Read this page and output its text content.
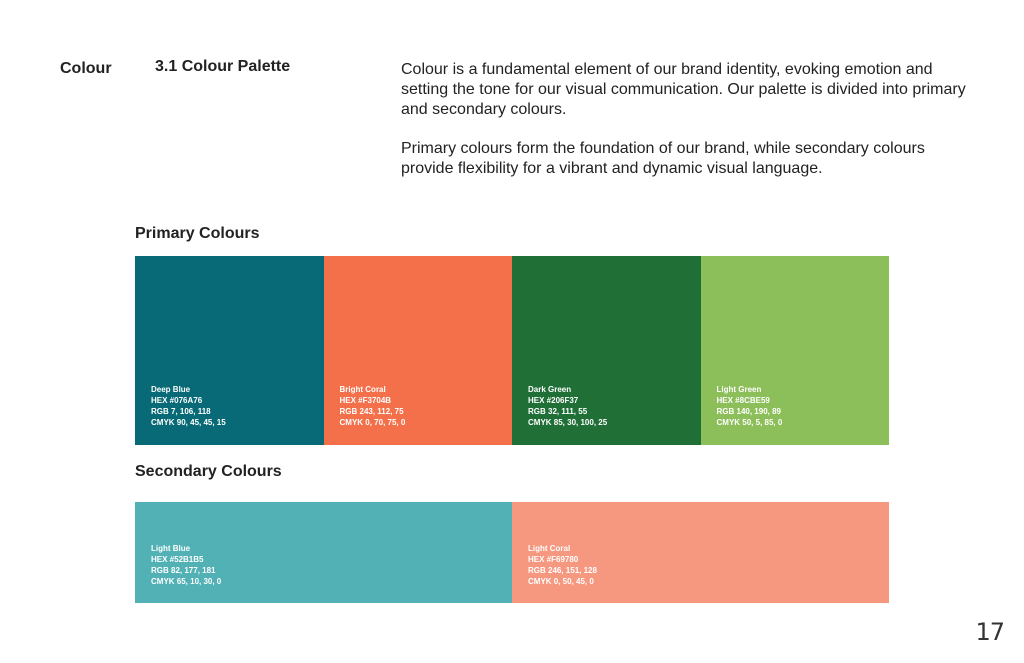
Colour	3.1 Colour Palette	Colour is a fundamental element of our brand identity, evoking emotion and setting the tone for our visual communication. Our palette is divided into primary and secondary colours.

Primary colours form the foundation of our brand, while secondary colours provide flexibility for a vibrant and dynamic visual language.

Primary Colours
Deep Blue
HEX #076A76
RGB 7, 106, 118
CMYK 90, 45, 45, 15
Bright Coral
HEX #F3704B
RGB 243, 112, 75
CMYK 0, 70, 75, 0
Dark Green
HEX #206F37
RGB 32, 111, 55
CMYK 85, 30, 100, 25
Light Green
HEX #8CBE59
RGB 140, 190, 89
CMYK 50, 5, 85, 0
Secondary Colours
Light Blue
HEX #52B1B5
RGB 82, 177, 181
CMYK 65, 10, 30, 0
Light Coral
HEX #F69780
RGB 246, 151, 128
CMYK 0, 50, 45, 0
17
